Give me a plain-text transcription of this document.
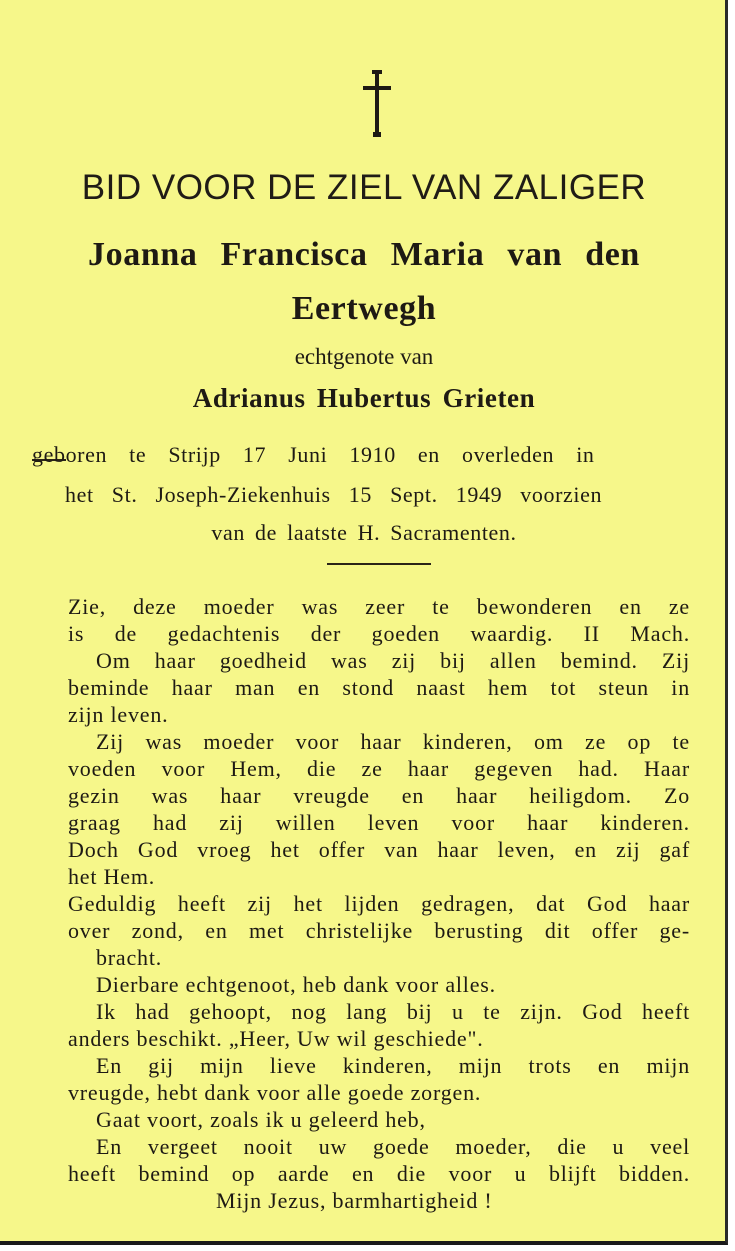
BID VOOR DE ZIEL VAN ZALIGER
Joanna Francisca Maria van den
Eertwegh
echtgenote van
Adrianus Hubertus Grieten
geboren te Strijp 17 Juni 1910 en overleden in
het St. Joseph-Ziekenhuis 15 Sept. 1949 voorzien
van de laatste H. Sacramenten.
Zie, deze moeder was zeer te bewonderen en ze
is de gedachtenis der goeden waardig. II Mach.
Om haar goedheid was zij bij allen bemind. Zij
beminde haar man en stond naast hem tot steun in
zijn leven.
Zij was moeder voor haar kinderen, om ze op te
voeden voor Hem, die ze haar gegeven had. Haar
gezin was haar vreugde en haar heiligdom. Zo
graag had zij willen leven voor haar kinderen.
Doch God vroeg het offer van haar leven, en zij gaf
het Hem.
Geduldig heeft zij het lijden gedragen, dat God haar
over zond, en met christelijke berusting dit offer ge-
bracht.
Dierbare echtgenoot, heb dank voor alles.
Ik had gehoopt, nog lang bij u te zijn. God heeft
anders beschikt. „Heer, Uw wil geschiede".
En gij mijn lieve kinderen, mijn trots en mijn
vreugde, hebt dank voor alle goede zorgen.
Gaat voort, zoals ik u geleerd heb,
En vergeet nooit uw goede moeder, die u veel
heeft bemind op aarde en die voor u blijft bidden.
Mijn Jezus, barmhartigheid !
